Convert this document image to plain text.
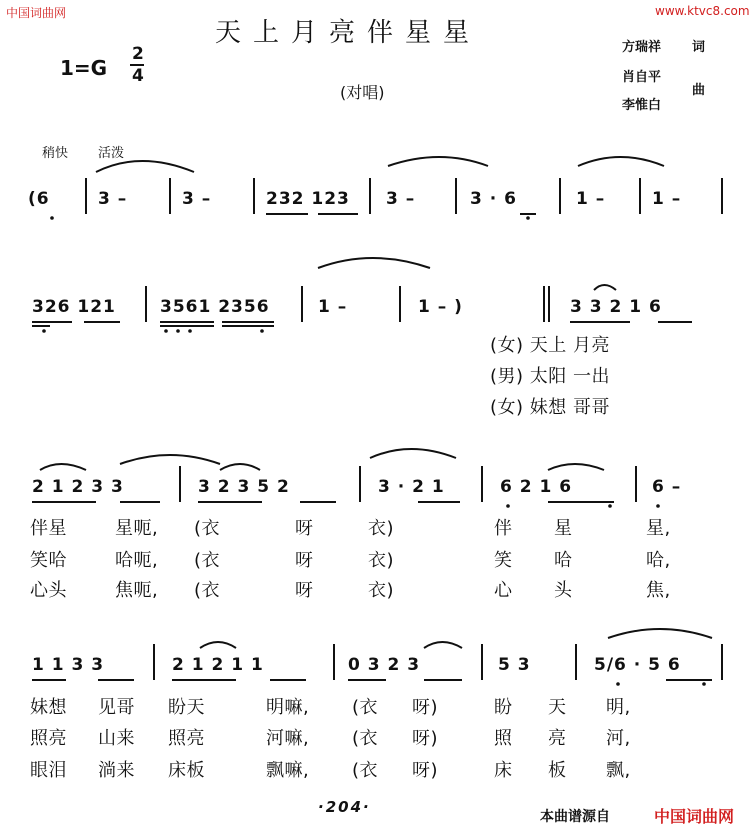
中国词曲网	www.ktvc8.com
天上月亮伴星星
1=G
2
4
(对唱)
方瑞祥 词
肖自平
曲
李惟白
稍快 活泼
(6	3 –	3 –	232 123 3 –	3 · 6	1 –	1 –
326 121	3561 2356	1 –	1 – )	3 3 2 1 6
(女) 天上 月亮
(男) 太阳 一出
(女) 妹想 哥哥
2 1 2 3 3	3 2 3 5 2	3 · 2 1	6 2 1 6	6 –
伴星	星呃, (衣	呀	衣)	伴 星	星,
笑哈	哈呃, (衣	呀	衣)	笑 哈	哈,
心头	焦呃, (衣	呀	衣)	心 头	焦,
1 1 3 3	2 1 2 1 1	0 3 2 3	5 3	5/6 · 5 6
妹想 见哥 盼天	明嘛, (衣 呀)	盼 天 明,
照亮 山来 照亮	河嘛, (衣 呀)	照 亮 河,
眼泪 淌来 床板	飘嘛, (衣 呀)	床 板 飘,
·204·
本曲谱源自	中国词曲网
